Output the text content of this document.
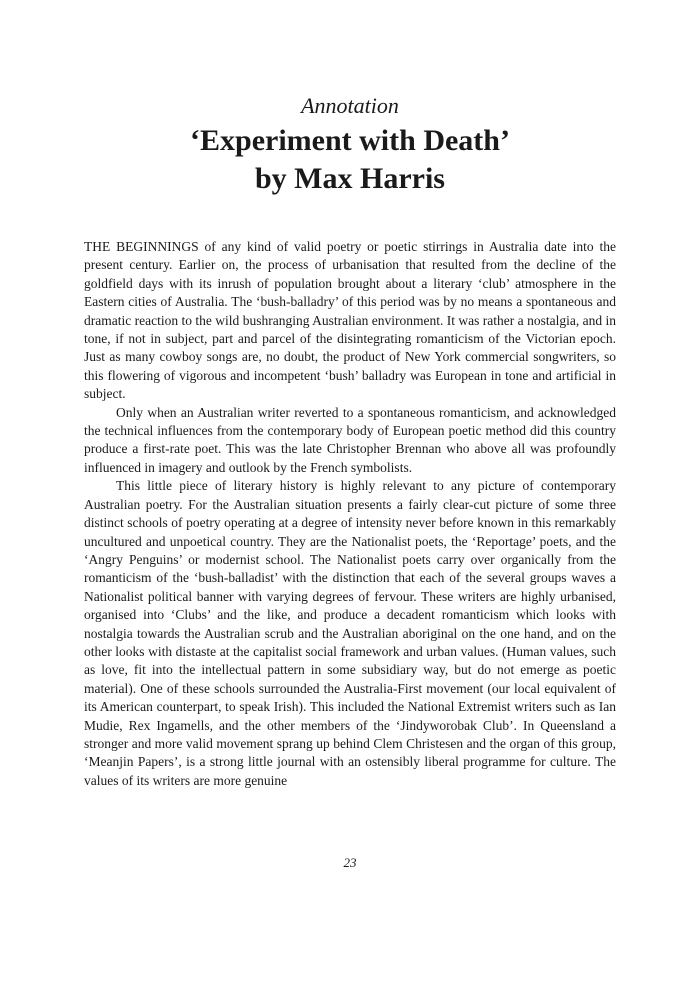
Annotation

‘Experiment with Death’

by Max Harris

THE BEGINNINGS of any kind of valid poetry or poetic stirrings in Australia date into the present century. Earlier on, the process of urbanisation that resulted from the decline of the goldfield days with its inrush of population brought about a literary ‘club’ atmosphere in the Eastern cities of Australia. The ‘bush-balladry’ of this period was by no means a spontaneous and dramatic reaction to the wild bushranging Australian environment. It was rather a nostalgia, and in tone, if not in subject, part and parcel of the disintegrating romanticism of the Victorian epoch. Just as many cowboy songs are, no doubt, the product of New York commercial songwriters, so this flowering of vigorous and incompetent ‘bush’ balladry was European in tone and artificial in subject.

Only when an Australian writer reverted to a spontaneous romanticism, and acknowledged the technical influences from the contemporary body of European poetic method did this country produce a first-rate poet. This was the late Christopher Brennan who above all was profoundly influenced in imagery and outlook by the French symbolists.

This little piece of literary history is highly relevant to any picture of contemporary Australian poetry. For the Australian situation presents a fairly clear-cut picture of some three distinct schools of poetry operating at a degree of intensity never before known in this remarkably uncultured and unpoetical country. They are the Nationalist poets, the ‘Reportage’ poets, and the ‘Angry Penguins’ or modernist school. The Nationalist poets carry over organically from the romanticism of the ‘bush-balladist’ with the distinction that each of the several groups waves a Nationalist political banner with varying degrees of fervour. These writers are highly urbanised, organised into ‘Clubs’ and the like, and produce a decadent romanticism which looks with nostalgia towards the Australian scrub and the Australian aboriginal on the one hand, and on the other looks with distaste at the capitalist social framework and urban values. (Human values, such as love, fit into the intellectual pattern in some subsidiary way, but do not emerge as poetic material). One of these schools surrounded the Australia-First movement (our local equivalent of its American counterpart, to speak Irish). This included the National Extremist writers such as Ian Mudie, Rex Ingamells, and the other members of the ‘Jindyworobak Club’. In Queensland a stronger and more valid movement sprang up behind Clem Christesen and the organ of this group, ‘Meanjin Papers’, is a strong little journal with an ostensibly liberal programme for culture. The values of its writers are more genuine

23
